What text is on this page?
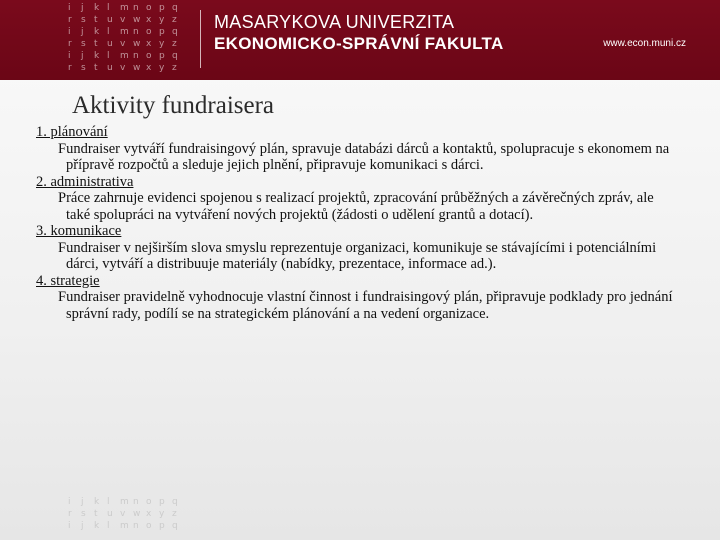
i	j	k l	m n o p q
r	s t	u v w x y z
i	j	k l	m n o p q
r	s t	u v w x y z
i	j	k l	m n o p q
r	s t	u v w x y z
MASARYKOVA UNIVERZITA
EKONOMICKO-SPRÁVNÍ FAKULTA	www.econ.muni.cz
Aktivity fundraisera
1. plánování
Fundraiser vytváří fundraisingový plán, spravuje databázi dárců a kontaktů, spolupracuje s ekonomem na přípravě rozpočtů a sleduje jejich plnění, připravuje komunikaci s dárci.
2. administrativa
Práce zahrnuje evidenci spojenou s realizací projektů, zpracování průběžných a závěrečných zpráv, ale také spolupráci na vytváření nových projektů (žádosti o udělení grantů a dotací).
3. komunikace
Fundraiser v nejširším slova smyslu reprezentuje organizaci, komunikuje se stávajícími i potenciálními dárci, vytváří a distribuuje materiály (nabídky, prezentace, informace ad.).
4. strategie
Fundraiser pravidelně vyhodnocuje vlastní činnost i fundraisingový plán, připravuje podklady pro jednání správní rady, podílí se na strategickém plánování a na vedení organizace.
i	j	k l	m n o p q
r	s t	u v w x y z
i	j	k l	m n o p q
